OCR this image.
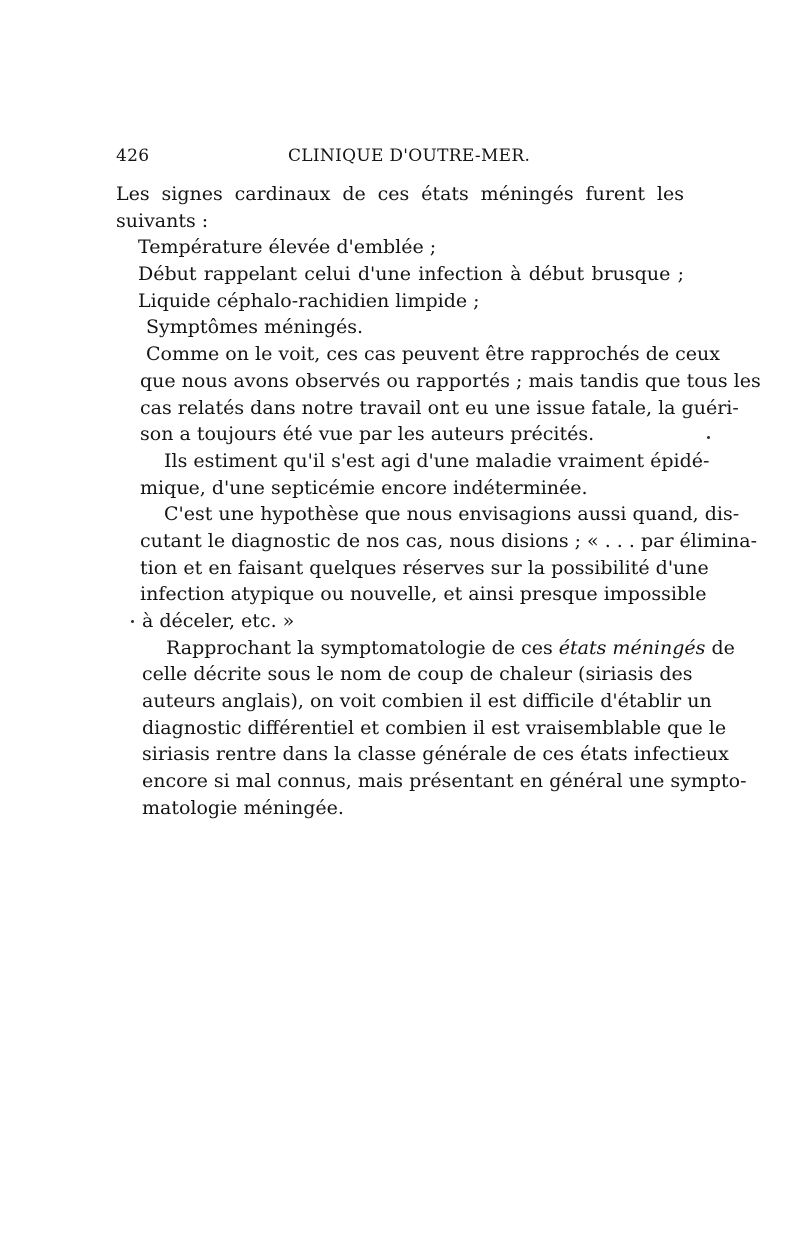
426	CLINIQUE D'OUTRE-MER.
Les signes cardinaux de ces états méningés furent les
suivants :
Température élevée d'emblée ;
Début rappelant celui d'une infection à début brusque ;
Liquide céphalo-rachidien limpide ;
Symptômes méningés.
Comme on le voit, ces cas peuvent être rapprochés de ceux
que nous avons observés ou rapportés ; mais tandis que tous les
cas relatés dans notre travail ont eu une issue fatale, la guéri-
son a toujours été vue par les auteurs précités.
Ils estiment qu'il s'est agi d'une maladie vraiment épidé-
mique, d'une septicémie encore indéterminée.
C'est une hypothèse que nous envisagions aussi quand, dis-
cutant le diagnostic de nos cas, nous disions ; « . . . par élimina-
tion et en faisant quelques réserves sur la possibilité d'une
infection atypique ou nouvelle, et ainsi presque impossible
à déceler, etc. »
Rapprochant la symptomatologie de ces états méningés de
celle décrite sous le nom de coup de chaleur (siriasis des
auteurs anglais), on voit combien il est difficile d'établir un
diagnostic différentiel et combien il est vraisemblable que le
siriasis rentre dans la classe générale de ces états infectieux
encore si mal connus, mais présentant en général une sympto-
matologie méningée.
